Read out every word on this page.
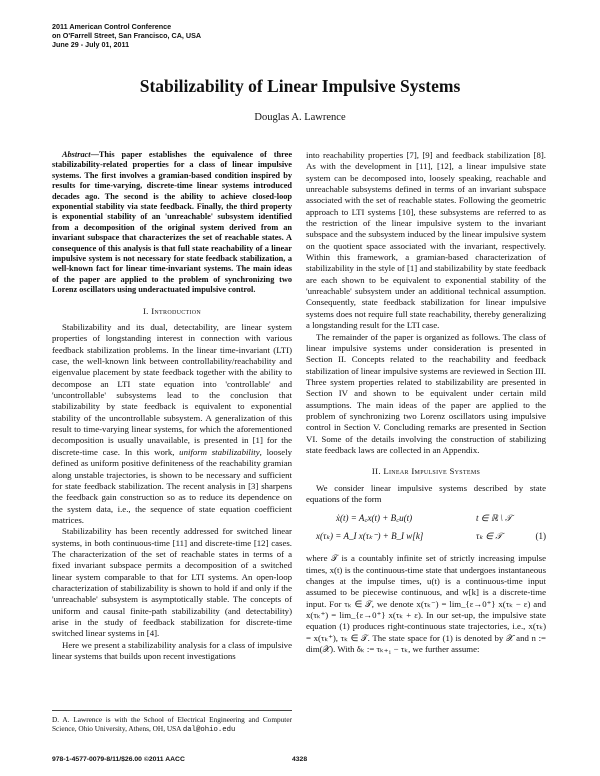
2011 American Control Conference
on O'Farrell Street, San Francisco, CA, USA
June 29 - July 01, 2011
Stabilizability of Linear Impulsive Systems
Douglas A. Lawrence

Abstract—This paper establishes the equivalence of three stabilizability-related properties for a class of linear impulsive systems. The first involves a gramian-based condition inspired by results for time-varying, discrete-time linear systems introduced decades ago. The second is the ability to achieve closed-loop exponential stability via state feedback. Finally, the third property is exponential stability of an 'unreachable' subsystem identified from a decomposition of the original system derived from an invariant subspace that characterizes the set of reachable states. A consequence of this analysis is that full state reachability of a linear impulsive system is not necessary for state feedback stabilization, a well-known fact for linear time-invariant systems. The main ideas of the paper are applied to the problem of synchronizing two Lorenz oscillators using underactuated impulsive control.

I. Introduction

Stabilizability and its dual, detectability, are linear system properties of longstanding interest in connection with various feedback stabilization problems. In the linear time-invariant (LTI) case, the well-known link between controllability/reachability and eigenvalue placement by state feedback together with the ability to decompose an LTI state equation into 'controllable' and 'uncontrollable' subsystems lead to the conclusion that stabilizability by state feedback is equivalent to exponential stability of the uncontrollable subsystem. A generalization of this result to time-varying linear systems, for which the aforementioned decomposition is usually unavailable, is presented in [1] for the discrete-time case. In this work, uniform stabilizability, loosely defined as uniform positive definiteness of the reachability gramian along unstable trajectories, is shown to be necessary and sufficient for state feedback stabilization. The recent analysis in [3] sharpens the feedback gain construction so as to reduce its dependence on the system data, i.e., the sequence of state equation coefficient matrices.

Stabilizability has been recently addressed for switched linear systems, in both continuous-time [11] and discrete-time [12] cases. The characterization of the set of reachable states in terms of a fixed invariant subspace permits a decomposition of a switched linear system comparable to that for LTI systems. An open-loop characterization of stabilizability is shown to hold if and only if the 'unreachable' subsystem is asymptotically stable. The concepts of uniform and causal finite-path stabilizability (and detectability) arise in the study of feedback stabilization for discrete-time switched linear systems in [4].

Here we present a stabilizability analysis for a class of impulsive linear systems that builds upon recent investigations

D. A. Lawrence is with the School of Electrical Engineering and Computer Science, Ohio University, Athens, OH, USA dal@ohio.edu

into reachability properties [7], [9] and feedback stabilization [8]. As with the development in [11], [12], a linear impulsive state system can be decomposed into, loosely speaking, reachable and unreachable subsystems defined in terms of an invariant subspace associated with the set of reachable states. Following the geometric approach to LTI systems [10], these subsystems are referred to as the restriction of the linear impulsive system to the invariant subspace and the subsystem induced by the linear impulsive system on the quotient space associated with the invariant, respectively. Within this framework, a gramian-based characterization of stabilizability in the style of [1] and stabilizability by state feedback are each shown to be equivalent to exponential stability of the 'unreachable' subsystem under an additional technical assumption. Consequently, state feedback stabilization for linear impulsive systems does not require full state reachability, thereby generalizing a longstanding result for the LTI case.

The remainder of the paper is organized as follows. The class of linear impulsive systems under consideration is presented in Section II. Concepts related to the reachability and feedback stabilization of linear impulsive systems are reviewed in Section III. Three system properties related to stabilizability are presented in Section IV and shown to be equivalent under certain mild assumptions. The main ideas of the paper are applied to the problem of synchronizing two Lorenz oscillators using impulsive control in Section V. Concluding remarks are presented in Section VI. Some of the details involving the construction of stabilizing state feedback laws are collected in an Appendix.

II. Linear Impulsive Systems

We consider linear impulsive systems described by state equations of the form

ẋ(t) = A꜀x(t) + B꜀u(t)	t ∈ ℝ \ 𝒯
x(τₖ) = A_I x(τₖ⁻) + B_I w[k]	τₖ ∈ 𝒯	(1)

where 𝒯 is a countably infinite set of strictly increasing impulse times, x(t) is the continuous-time state that undergoes instantaneous changes at the impulse times, u(t) is a continuous-time input assumed to be piecewise continuous, and w[k] is a discrete-time input. For τₖ ∈ 𝒯, we denote x(τₖ⁻) = lim_{ε→0⁺} x(τₖ − ε) and x(τₖ⁺) = lim_{ε→0⁺} x(τₖ + ε). In our set-up, the impulsive state equation (1) produces right-continuous state trajectories, i.e., x(τₖ) = x(τₖ⁺), τₖ ∈ 𝒯. The state space for (1) is denoted by 𝒳 and n := dim(𝒳). With δₖ := τₖ₊₁ − τₖ, we further assume:

978-1-4577-0079-8/11/$26.00 ©2011 AACC	4328
